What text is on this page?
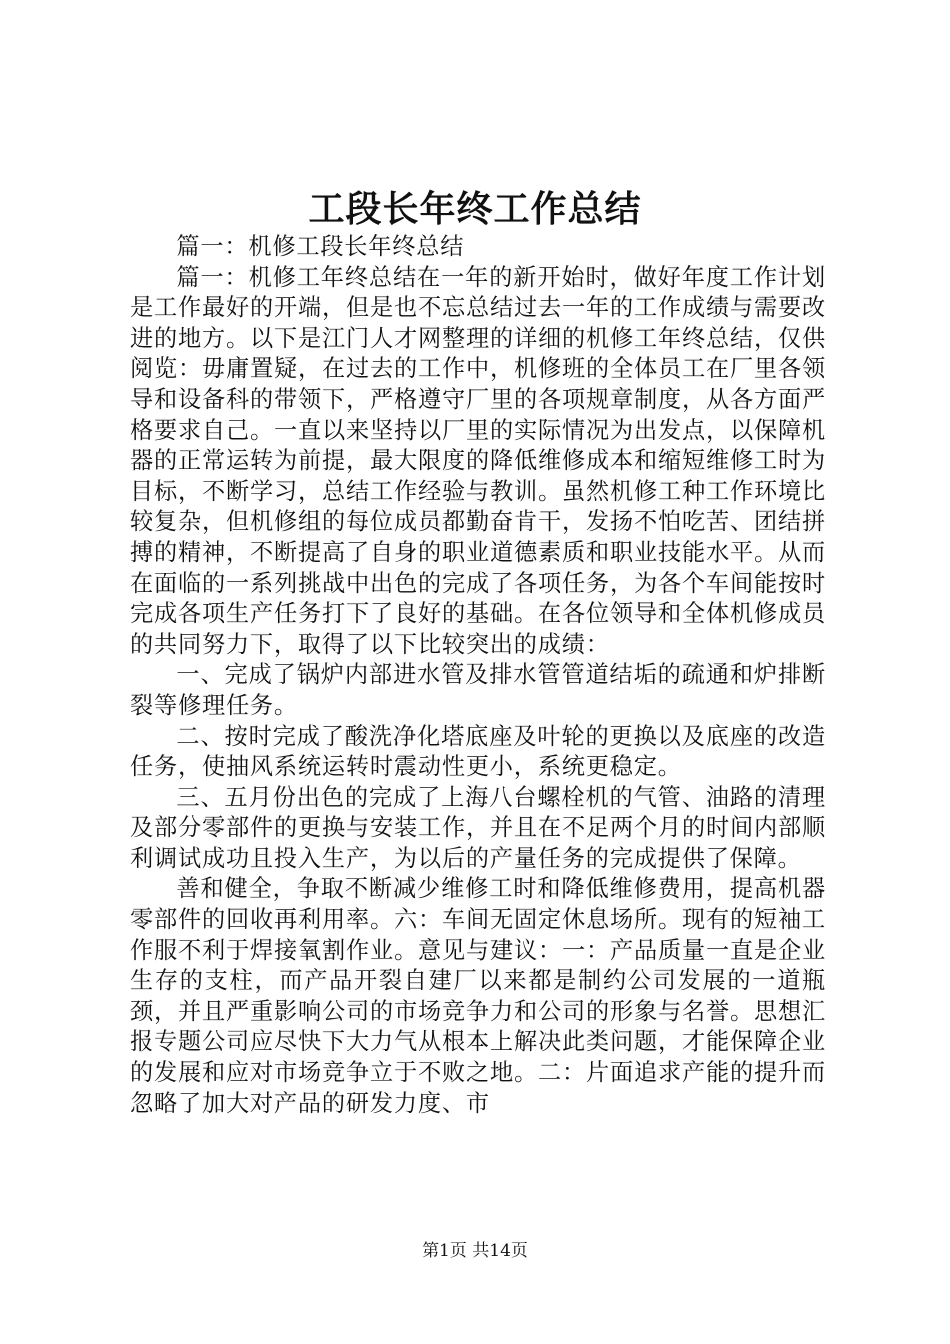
工段长年终工作总结

篇一：机修工段长年终总结

篇一：机修工年终总结在一年的新开始时，做好年度工作计划是工作最好的开端，但是也不忘总结过去一年的工作成绩与需要改进的地方。以下是江门人才网整理的详细的机修工年终总结，仅供阅览：毋庸置疑，在过去的工作中，机修班的全体员工在厂里各领导和设备科的带领下，严格遵守厂里的各项规章制度，从各方面严格要求自己。一直以来坚持以厂里的实际情况为出发点，以保障机器的正常运转为前提，最大限度的降低维修成本和缩短维修工时为目标，不断学习，总结工作经验与教训。虽然机修工种工作环境比较复杂，但机修组的每位成员都勤奋肯干，发扬不怕吃苦、团结拼搏的精神，不断提高了自身的职业道德素质和职业技能水平。从而在面临的一系列挑战中出色的完成了各项任务，为各个车间能按时完成各项生产任务打下了良好的基础。在各位领导和全体机修成员的共同努力下，取得了以下比较突出的成绩：

一、完成了锅炉内部进水管及排水管管道结垢的疏通和炉排断裂等修理任务。

二、按时完成了酸洗净化塔底座及叶轮的更换以及底座的改造任务，使抽风系统运转时震动性更小，系统更稳定。

三、五月份出色的完成了上海八台螺栓机的气管、油路的清理及部分零部件的更换与安装工作，并且在不足两个月的时间内部顺利调试成功且投入生产，为以后的产量任务的完成提供了保障。

善和健全，争取不断减少维修工时和降低维修费用，提高机器零部件的回收再利用率。六：车间无固定休息场所。现有的短袖工作服不利于焊接氧割作业。意见与建议：一：产品质量一直是企业生存的支柱，而产品开裂自建厂以来都是制约公司发展的一道瓶颈，并且严重影响公司的市场竞争力和公司的形象与名誉。思想汇报专题公司应尽快下大力气从根本上解决此类问题，才能保障企业的发展和应对市场竞争立于不败之地。二：片面追求产能的提升而忽略了加大对产品的研发力度、市

第1页 共14页
